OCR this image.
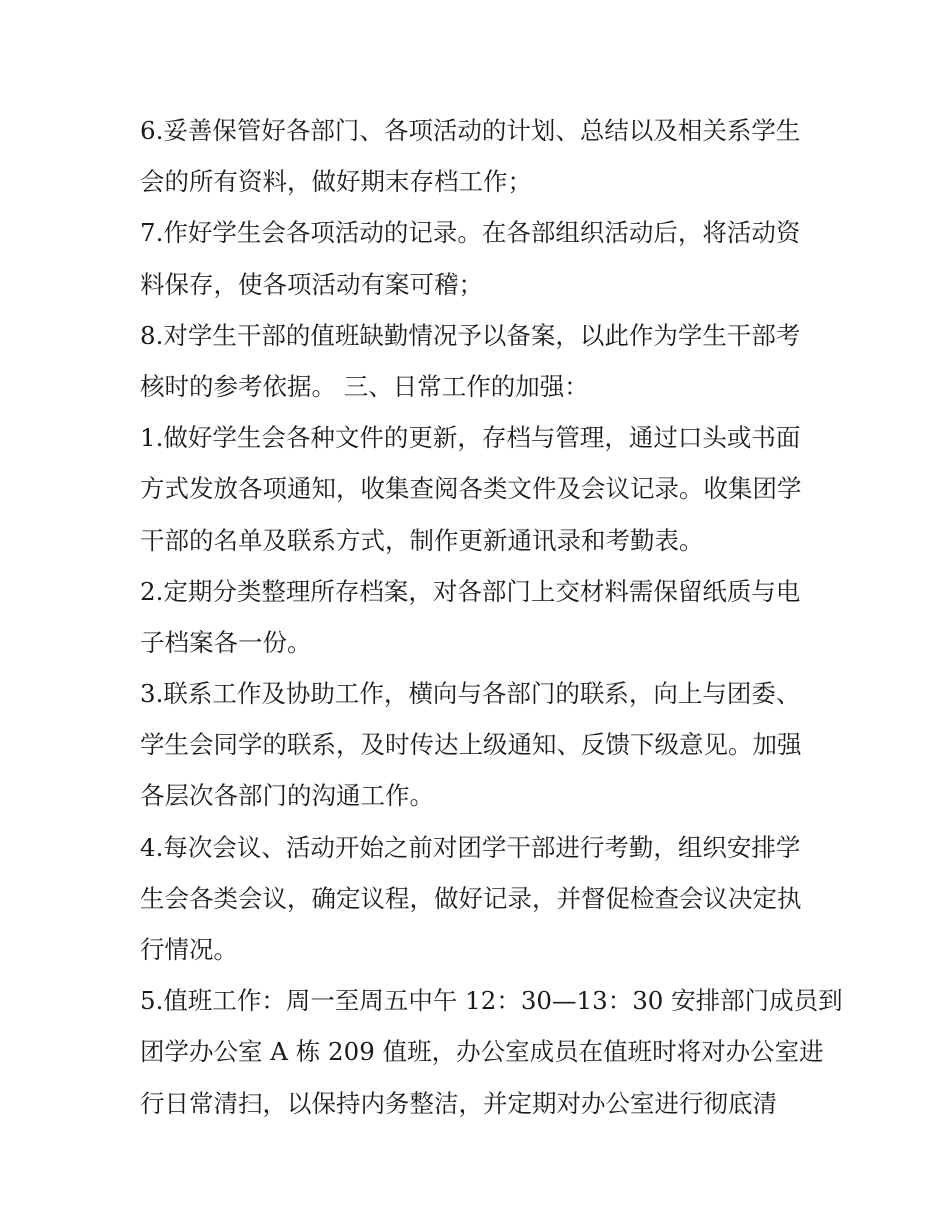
6.妥善保管好各部门、各项活动的计划、总结以及相关系学生
会的所有资料，做好期末存档工作；
7.作好学生会各项活动的记录。在各部组织活动后，将活动资
料保存，使各项活动有案可稽；
8.对学生干部的值班缺勤情况予以备案，以此作为学生干部考
核时的参考依据。 三、日常工作的加强：
1.做好学生会各种文件的更新，存档与管理，通过口头或书面
方式发放各项通知，收集查阅各类文件及会议记录。收集团学
干部的名单及联系方式，制作更新通讯录和考勤表。
2.定期分类整理所存档案，对各部门上交材料需保留纸质与电
子档案各一份。
3.联系工作及协助工作，横向与各部门的联系，向上与团委、
学生会同学的联系，及时传达上级通知、反馈下级意见。加强
各层次各部门的沟通工作。
4.每次会议、活动开始之前对团学干部进行考勤，组织安排学
生会各类会议，确定议程，做好记录，并督促检查会议决定执
行情况。
5.值班工作：周一至周五中午 12：30—13：30 安排部门成员到
团学办公室 A 栋 209 值班，办公室成员在值班时将对办公室进
行日常清扫，以保持内务整洁，并定期对办公室进行彻底清
